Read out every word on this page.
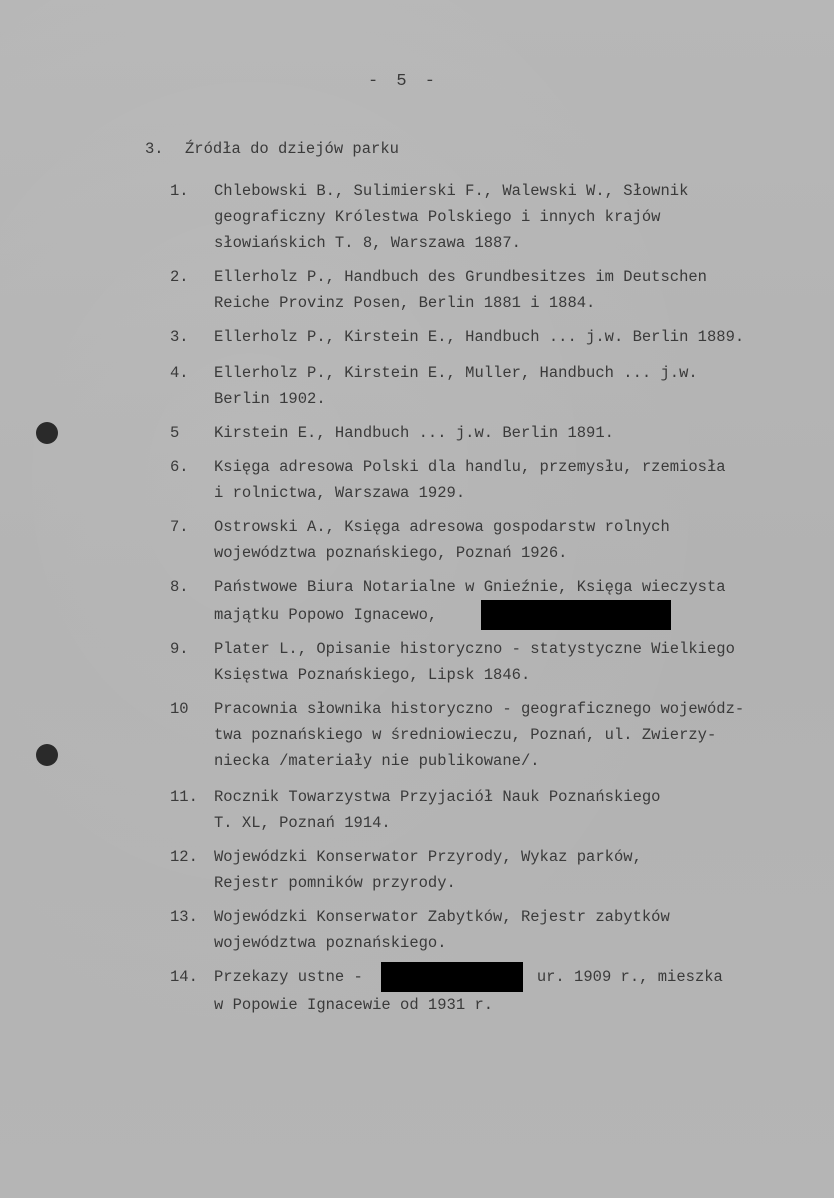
- 5 -
3. Źródła do dziejów parku
1. Chlebowski B., Sulimierski F., Walewski W., Słownik
geograficzny Królestwa Polskiego i innych krajów
słowiańskich T. 8, Warszawa 1887.
2. Ellerholz P., Handbuch des Grundbesitzes im Deutschen
Reiche Provinz Posen, Berlin 1881 i 1884.
3. Ellerholz P., Kirstein E., Handbuch ... j.w. Berlin 1889.
4. Ellerholz P., Kirstein E., Muller, Handbuch ... j.w.
Berlin 1902.
5 Kirstein E., Handbuch ... j.w. Berlin 1891.
6. Księga adresowa Polski dla handlu, przemysłu, rzemiosła
i rolnictwa, Warszawa 1929.
7. Ostrowski A., Księga adresowa gospodarstw rolnych
województwa poznańskiego, Poznań 1926.
8. Państwowe Biura Notarialne w Gnieźnie, Księga wieczysta
majątku Popowo Ignacewo,
9. Plater L., Opisanie historyczno - statystyczne Wielkiego
Księstwa Poznańskiego, Lipsk 1846.
10 Pracownia słownika historyczno - geograficznego wojewódz-
twa poznańskiego w średniowieczu, Poznań, ul. Zwierzy-
niecka /materiały nie publikowane/.
11. Rocznik Towarzystwa Przyjaciół Nauk Poznańskiego
T. XL, Poznań 1914.
12. Wojewódzki Konserwator Przyrody, Wykaz parków,
Rejestr pomników przyrody.
13. Wojewódzki Konserwator Zabytków, Rejestr zabytków
województwa poznańskiego.
14. Przekazy ustne -	ur. 1909 r., mieszka
w Popowie Ignacewie od 1931 r.
